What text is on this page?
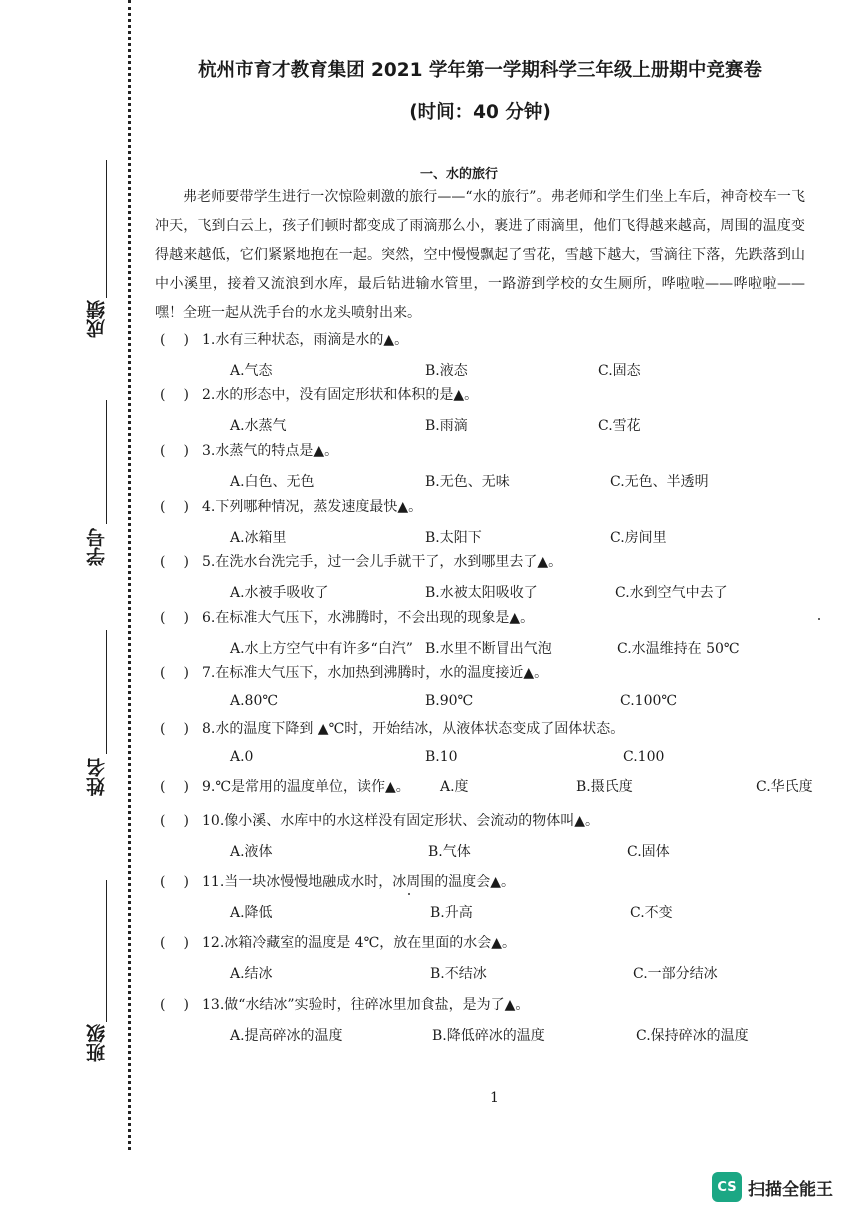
成绩
学号
姓名
班级
杭州市育才教育集团 2021 学年第一学期科学三年级上册期中竞赛卷
(时间：40 分钟)
一、水的旅行

弗老师要带学生进行一次惊险刺激的旅行——“水的旅行”。弗老师和学生们坐上车后，神奇校车一飞冲天，飞到白云上，孩子们顿时都变成了雨滴那么小，裹进了雨滴里，他们飞得越来越高，周围的温度变得越来越低，它们紧紧地抱在一起。突然，空中慢慢飘起了雪花，雪越下越大，雪滴往下落，先跌落到山中小溪里，接着又流浪到水库，最后钻进输水管里，一路游到学校的女生厕所，哗啦啦——哗啦啦——嘿！全班一起从洗手台的水龙头喷射出来。

( ) 1.水有三种状态，雨滴是水的▲。
A.气态	B.液态	C.固态
( ) 2.水的形态中，没有固定形状和体积的是▲。
A.水蒸气	B.雨滴	C.雪花
( ) 3.水蒸气的特点是▲。
A.白色、无色	B.无色、无味	C.无色、半透明
( ) 4.下列哪种情况，蒸发速度最快▲。
A.冰箱里	B.太阳下	C.房间里
( ) 5.在洗水台洗完手，过一会儿手就干了，水到哪里去了▲。
A.水被手吸收了	B.水被太阳吸收了	C.水到空气中去了
( ) 6.在标准大气压下，水沸腾时，不会出现的现象是▲。
A.水上方空气中有许多“白汽” B.水里不断冒出气泡	C.水温维持在 50℃
( ) 7.在标准大气压下，水加热到沸腾时，水的温度接近▲。
A.80℃	B.90℃	C.100℃
( ) 8.水的温度下降到 ▲℃时，开始结冰，从液体状态变成了固体状态。
A.0	B.10	C.100
( ) 9.℃是常用的温度单位，读作▲。 A.度	B.摄氏度	C.华氏度
( ) 10.像小溪、水库中的水这样没有固定形状、会流动的物体叫▲。
A.液体	B.气体	C.固体
( ) 11.当一块冰慢慢地融成水时，冰周围的温度会▲。
A.降低	B.升高	C.不变
( ) 12.冰箱冷藏室的温度是 4℃，放在里面的水会▲。
A.结冰	B.不结冰	C.一部分结冰
( ) 13.做“水结冰”实验时，往碎冰里加食盐，是为了▲。
A.提高碎冰的温度	B.降低碎冰的温度	C.保持碎冰的温度
1
CS 扫描全能王
